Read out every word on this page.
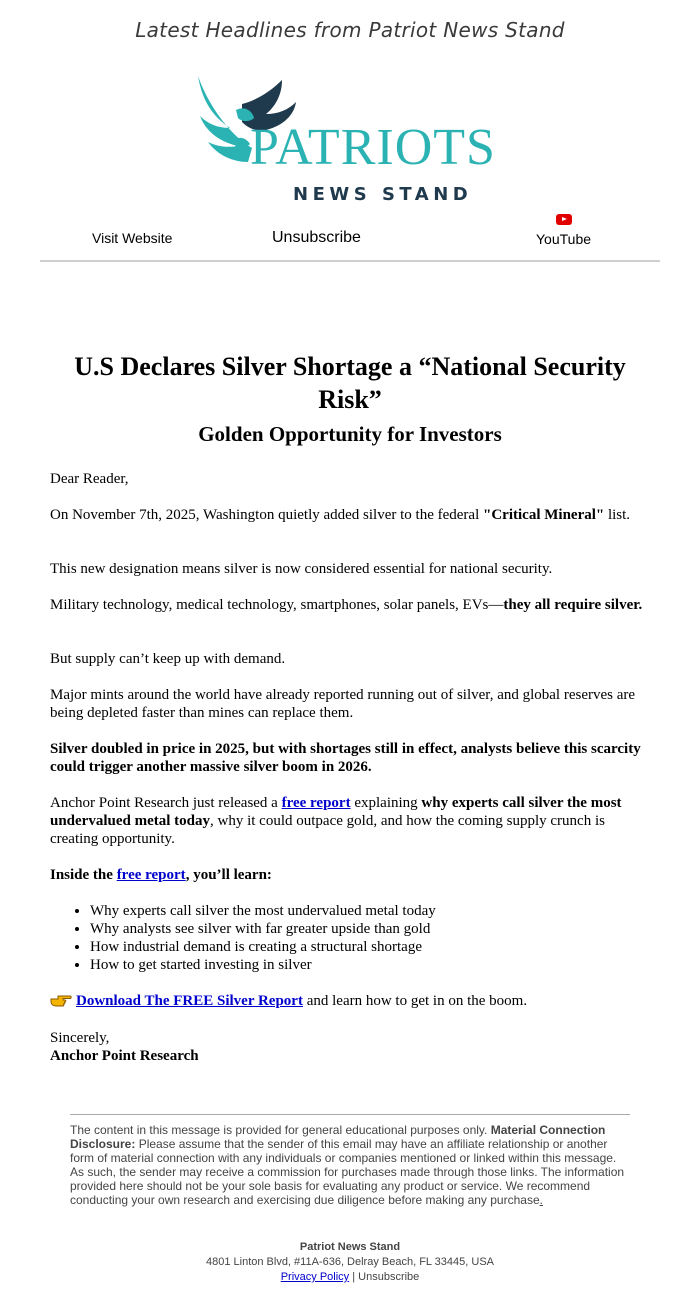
Latest Headlines from Patriot News Stand
PATRIOTS
NEWS STAND
Visit Website	Unsubscribe	YouTube
U.S Declares Silver Shortage a “National Security Risk”
Golden Opportunity for Investors

Dear Reader,

On November 7th, 2025, Washington quietly added silver to the federal "Critical Mineral" list.

This new designation means silver is now considered essential for national security.

Military technology, medical technology, smartphones, solar panels, EVs—they all require silver.

But supply can’t keep up with demand.

Major mints around the world have already reported running out of silver, and global reserves are being depleted faster than mines can replace them.

Silver doubled in price in 2025, but with shortages still in effect, analysts believe this scarcity could trigger another massive silver boom in 2026.

Anchor Point Research just released a free report explaining why experts call silver the most undervalued metal today, why it could outpace gold, and how the coming supply crunch is creating opportunity.

Inside the free report, you’ll learn:

• Why experts call silver the most undervalued metal today
• Why analysts see silver with far greater upside than gold
• How industrial demand is creating a structural shortage
• How to get started investing in silver
Download The FREE Silver Report and learn how to get in on the boom.

Sincerely,

Anchor Point Research

The content in this message is provided for general educational purposes only. Material Connection Disclosure: Please assume that the sender of this email may have an affiliate relationship or another form of material connection with any individuals or companies mentioned or linked within this message. As such, the sender may receive a commission for purchases made through those links. The information provided here should not be your sole basis for evaluating any product or service. We recommend conducting your own research and exercising due diligence before making any purchase.
Patriot News Stand
4801 Linton Blvd, #11A-636, Delray Beach, FL 33445, USA
Privacy Policy | Unsubscribe
